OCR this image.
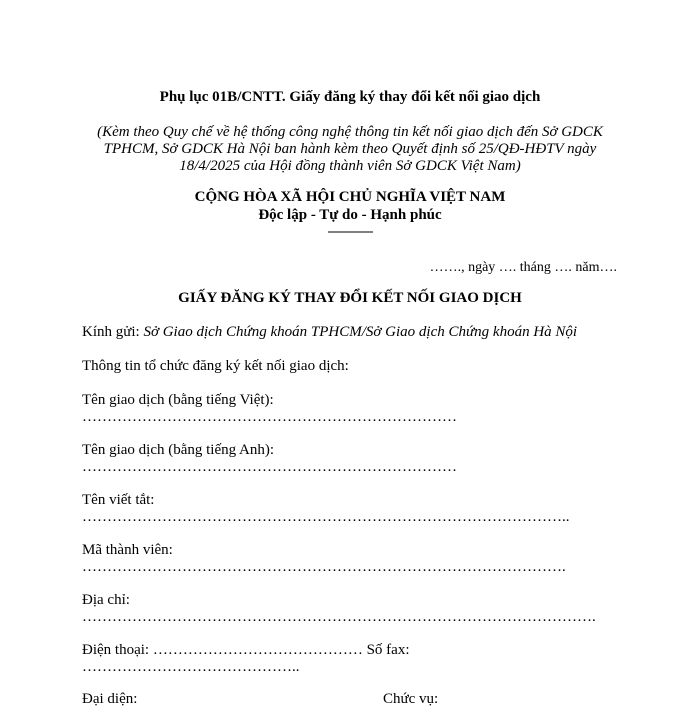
Phụ lục 01B/CNTT. Giấy đăng ký thay đổi kết nối giao dịch
(Kèm theo Quy chế về hệ thống công nghệ thông tin kết nối giao dịch đến Sở GDCK
TPHCM, Sở GDCK Hà Nội ban hành kèm theo Quyết định số 25/QĐ-HĐTV ngày
18/4/2025 của Hội đồng thành viên Sở GDCK Việt Nam)
CỘNG HÒA XÃ HỘI CHỦ NGHĨA VIỆT NAM
Độc lập - Tự do - Hạnh phúc
---------------
……., ngày …. tháng …. năm….
GIẤY ĐĂNG KÝ THAY ĐỔI KẾT NỐI GIAO DỊCH
Kính gửi: Sở Giao dịch Chứng khoán TPHCM/Sở Giao dịch Chứng khoán Hà Nội
Thông tin tổ chức đăng ký kết nối giao dịch:
Tên giao dịch (bằng tiếng Việt):
…………………………………………………………………
Tên giao dịch (bằng tiếng Anh):
…………………………………………………………………
Tên viết tắt:
……………………………………………………………………………………..
Mã thành viên:
…………………………………………………………………………………….
Địa chỉ:
………………………………………………………………………………………….
Điện thoại: …………………………………… Số fax:
……………………………………..
Đại diện:	Chức vụ:
